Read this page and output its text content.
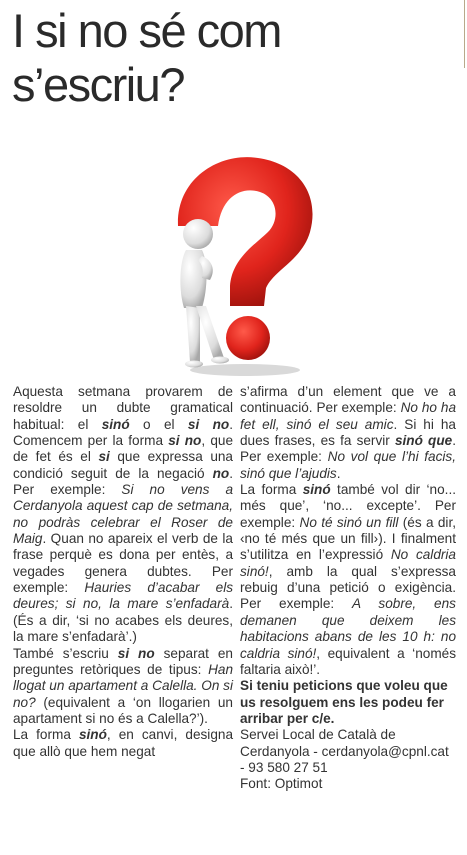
I si no sé com s’escriu?

Aquesta setmana provarem de resoldre un dubte gramatical habitual: el sinó o el si no. Comencem per la forma si no, que de fet és el si que expressa una condició seguit de la negació no. Per exemple: Si no vens a Cerdanyola aquest cap de setmana, no podràs celebrar el Roser de Maig. Quan no apareix el verb de la frase perquè es dona per entès, a vegades genera dubtes. Per exemple: Hauries d’acabar els deures; si no, la mare s’enfadarà. (És a dir, ‘si no acabes els deures, la mare s’enfadarà’.)

També s’escriu si no separat en preguntes retòriques de tipus: Han llogat un apartament a Calella. On si no? (equivalent a ‘on llogarien un apartament si no és a Calella?’).

La forma sinó, en canvi, designa que allò que hem negat

s’afirma d’un element que ve a continuació. Per exemple: No ho ha fet ell, sinó el seu amic. Si hi ha dues frases, es fa servir sinó que. Per exemple: No vol que l’hi facis, sinó que l’ajudis.

La forma sinó també vol dir ‘no... més que’, ‘no... excepte’. Per exemple: No té sinó un fill (és a dir, ‹no té més que un fill›). I finalment s’utilitza en l’expressió No caldria sinó!, amb la qual s’expressa rebuig d’una petició o exigència. Per exemple: A sobre, ens demanen que deixem les habitacions abans de les 10 h: no caldria sinó!, equivalent a ‘només faltaria això!’.

Si teniu peticions que voleu que us resolguem ens les podeu fer arribar per c/e.

Servei Local de Català de Cerdanyola - cerdanyola@cpnl.cat - 93 580 27 51

Font: Optimot
